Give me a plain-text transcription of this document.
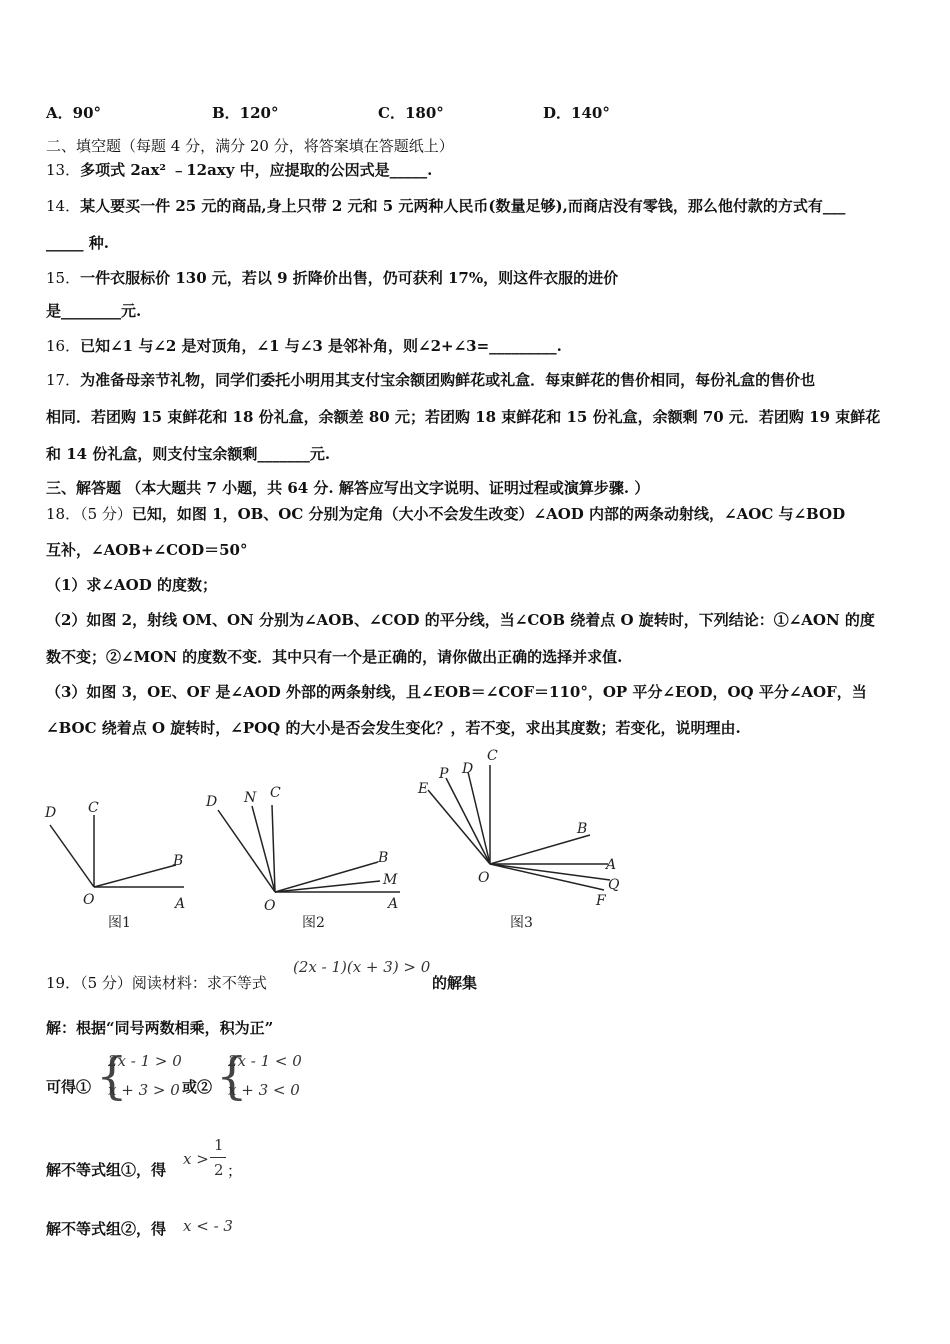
A．90°	B．120°	C．180°	D．140°
二、填空题（每题 4 分，满分 20 分，将答案填在答题纸上）
13．多项式 2ax² ﹣12axy 中，应提取的公因式是_____.
14．某人要买一件 25 元的商品,身上只带 2 元和 5 元两种人民币(数量足够),而商店没有零钱，那么他付款的方式有___
_____ 种.
15．一件衣服标价 130 元，若以 9 折降价出售，仍可获利 17%，则这件衣服的进价
是________元.
16．已知∠1 与∠2 是对顶角，∠1 与∠3 是邻补角，则∠2+∠3=_________.
17．为准备母亲节礼物，同学们委托小明用其支付宝余额团购鲜花或礼盒．每束鲜花的售价相同，每份礼盒的售价也
相同．若团购 15 束鲜花和 18 份礼盒，余额差 80 元；若团购 18 束鲜花和 15 份礼盒，余额剩 70 元．若团购 19 束鲜花
和 14 份礼盒，则支付宝余额剩_______元.
三、解答题 （本大题共 7 小题，共 64 分. 解答应写出文字说明、证明过程或演算步骤. ）
18．（5 分）已知，如图 1，OB、OC 分别为定角（大小不会发生改变）∠AOD 内部的两条动射线，∠AOC 与∠BOD
互补，∠AOB+∠COD＝50°
（1）求∠AOD 的度数；
（2）如图 2，射线 OM、ON 分别为∠AOB、∠COD 的平分线，当∠COB 绕着点 O 旋转时，下列结论：①∠AON 的度
数不变；②∠MON 的度数不变．其中只有一个是正确的，请你做出正确的选择并求值.
（3）如图 3，OE、OF 是∠AOD 外部的两条射线，且∠EOB＝∠COF＝110°，OP 平分∠EOD，OQ 平分∠AOF，当
∠BOC 绕着点 O 旋转时，∠POQ 的大小是否会发生变化？，若不变，求出其度数；若变化，说明理由.
D C
B
O	A
图1
D N C
B
M
O	A
图2
E
P D
C
B
A
O	Q
F
图3
19．（5 分）阅读材料：求不等式
(2x - 1)(x + 3) > 0
的解集
解：根据“同号两数相乘，积为正”
可得① {
2x - 1 > 0
x + 3 > 0 或② {
2x - 1 < 0
x + 3 < 0
解不等式组①，得
x >
1
2 ；
解不等式组②，得 x < - 3
